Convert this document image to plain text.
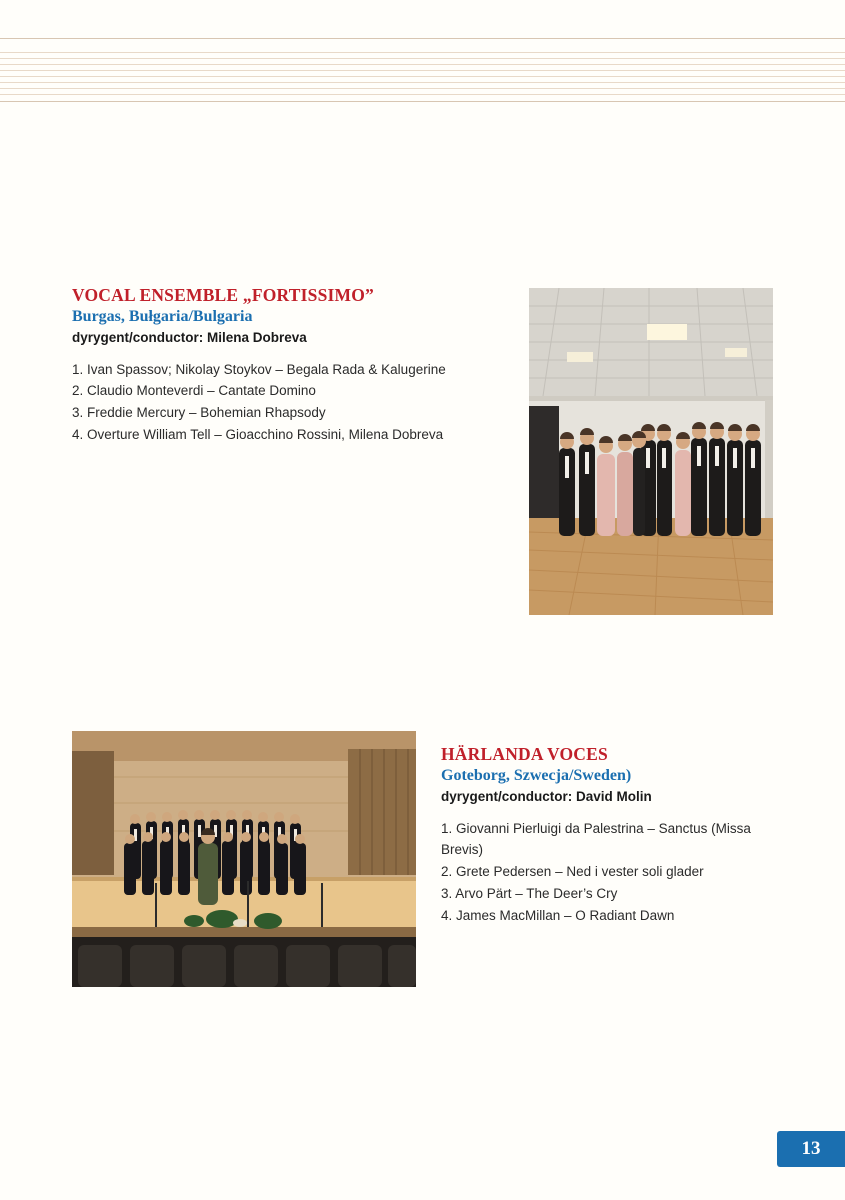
VOCAL ENSEMBLE „FORTISSIMO”
Burgas, Bułgaria/Bulgaria
dyrygent/conductor: Milena Dobreva

1. Ivan Spassov; Nikolay Stoykov – Begala Rada & Kalugerine

2. Claudio Monteverdi – Cantate Domino

3. Freddie Mercury – Bohemian Rhapsody

4. Overture William Tell – Gioacchino Rossini, Milena Dobreva

HÄRLANDA VOCES
Goteborg, Szwecja/Sweden)
dyrygent/conductor: David Molin

1. Giovanni Pierluigi da Palestrina – Sanctus (Missa Brevis)

2. Grete Pedersen – Ned i vester soli glader

3. Arvo Pärt – The Deer’s Cry

4. James MacMillan – O Radiant Dawn

13
